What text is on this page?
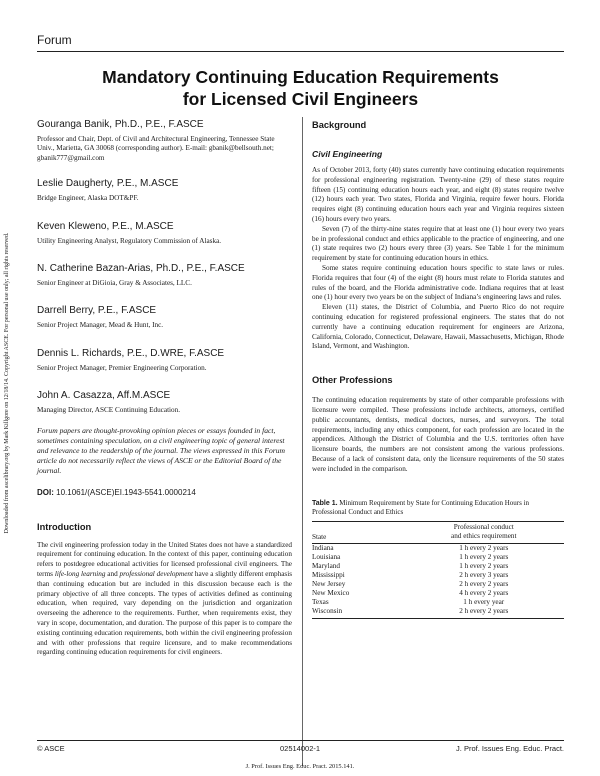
Forum
Mandatory Continuing Education Requirements
for Licensed Civil Engineers
Downloaded from ascelibrary.org by Mark Killgore on 12/18/14. Copyright ASCE. For personal use only; all rights reserved.
Gouranga Banik, Ph.D., P.E., F.ASCE
Professor and Chair, Dept. of Civil and Architectural Engineering, Tennessee State Univ., Marietta, GA 30068 (corresponding author). E-mail: gbanik@bellsouth.net; gbanik777@gmail.com
Leslie Daugherty, P.E., M.ASCE
Bridge Engineer, Alaska DOT&PF.
Keven Kleweno, P.E., M.ASCE
Utility Engineering Analyst, Regulatory Commission of Alaska.
N. Catherine Bazan-Arias, Ph.D., P.E., F.ASCE
Senior Engineer at DiGioia, Gray & Associates, LLC.
Darrell Berry, P.E., F.ASCE
Senior Project Manager, Mead & Hunt, Inc.
Dennis L. Richards, P.E., D.WRE, F.ASCE
Senior Project Manager, Premier Engineering Corporation.
John A. Casazza, Aff.M.ASCE
Managing Director, ASCE Continuing Education.
Forum papers are thought-provoking opinion pieces or essays founded in fact, sometimes containing speculation, on a civil engineering topic of general interest and relevance to the readership of the journal. The views expressed in this Forum article do not necessarily reflect the views of ASCE or the Editorial Board of the journal.
DOI: 10.1061/(ASCE)EI.1943-5541.0000214
Introduction

The civil engineering profession today in the United States does not have a standardized requirement for continuing education. In the context of this paper, continuing education refers to postdegree educational activities for licensed professional civil engineers. The terms life-long learning and professional development have a slightly different emphasis than continuing education but are included in this discussion because each is the primary objective of all three concepts. The types of activities defined as continuing education, when required, vary depending on the jurisdiction and organization overseeing the adherence to the requirements. Further, when requirements exist, they vary in scope, documentation, and duration. The purpose of this paper is to compare the existing continuing education requirements, both within the civil engineering profession and with other professions that require licensure, and to make recommendations regarding continuing education requirements for civil engineers.

Background
Civil Engineering

As of October 2013, forty (40) states currently have continuing education requirements for professional engineering registration. Twenty-nine (29) of these states require fifteen (15) continuing education hours each year, and eight (8) states require twelve (12) hours each year. Two states, Florida and Virginia, require fewer hours. Florida requires eight (8) continuing education hours each year and Virginia requires sixteen (16) hours every two years.

Seven (7) of the thirty-nine states require that at least one (1) hour every two years be in professional conduct and ethics applicable to the practice of engineering, and one (1) state requires two (2) hours every three (3) years. See Table 1 for the minimum requirement by state for continuing education hours in ethics.

Some states require continuing education hours specific to state laws or rules. Florida requires that four (4) of the eight (8) hours must relate to Florida statutes and rules of the board, and the Florida administrative code. Indiana requires that at least one (1) hour every two years be on the subject of Indiana’s engineering laws and rules.

Eleven (11) states, the District of Columbia, and Puerto Rico do not require continuing education for registered professional engineers. The states that do not currently have a continuing education requirement for engineers are Arizona, California, Colorado, Connecticut, Delaware, Hawaii, Massachusetts, Michigan, Rhode Island, Vermont, and Washington.

Other Professions

The continuing education requirements by state of other comparable professions with licensure were compiled. These professions include architects, attorneys, certified public accountants, dentists, medical doctors, nurses, and surveyors. The total requirements, including any ethics component, for each profession are located in the appendices. Although the District of Columbia and the U.S. territories often have licensure boards, the numbers are not consistent among the various professions. Because of a lack of consistent data, only the licensure requirements of the 50 states were included in the comparison.

Table 1. Minimum Requirement by State for Continuing Education Hours in Professional Conduct and Ethics
State	Professional conduct
and ethics requirement

Indiana	1 h every 2 years
Louisiana	1 h every 2 years
Maryland	1 h every 2 years
Mississippi	2 h every 3 years
New Jersey	2 h every 2 years
New Mexico	4 h every 2 years
Texas	1 h every year
Wisconsin	2 h every 2 years
© ASCE	02514002-1	J. Prof. Issues Eng. Educ. Pract.
J. Prof. Issues Eng. Educ. Pract. 2015.141.
